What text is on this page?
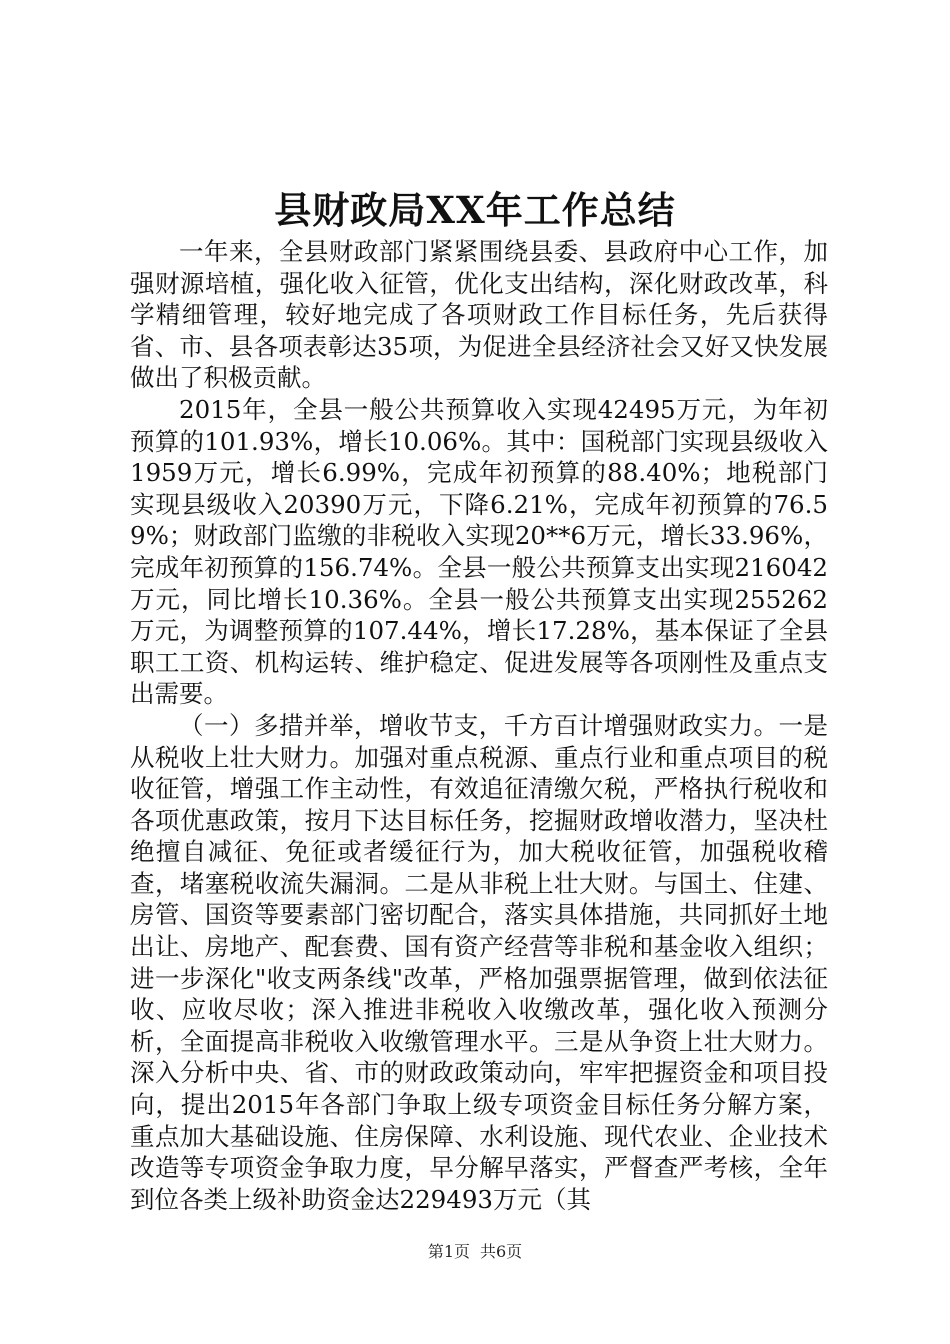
县财政局XX年工作总结

一年来，全县财政部门紧紧围绕县委、县政府中心工作，加强财源培植，强化收入征管，优化支出结构，深化财政改革，科学精细管理，较好地完成了各项财政工作目标任务，先后获得省、市、县各项表彰达35项，为促进全县经济社会又好又快发展做出了积极贡献。

2015年，全县一般公共预算收入实现42495万元，为年初预算的101.93%，增长10.06%。其中：国税部门实现县级收入1959万元，增长6.99%，完成年初预算的88.40%；地税部门实现县级收入20390万元，下降6.21%，完成年初预算的76.59%；财政部门监缴的非税收入实现20**6万元，增长33.96%，完成年初预算的156.74%。全县一般公共预算支出实现216042万元，同比增长10.36%。全县一般公共预算支出实现255262万元，为调整预算的107.44%，增长17.28%，基本保证了全县职工工资、机构运转、维护稳定、促进发展等各项刚性及重点支出需要。

（一）多措并举，增收节支，千方百计增强财政实力。一是从税收上壮大财力。加强对重点税源、重点行业和重点项目的税收征管，增强工作主动性，有效追征清缴欠税，严格执行税收和各项优惠政策，按月下达目标任务，挖掘财政增收潜力，坚决杜绝擅自减征、免征或者缓征行为，加大税收征管，加强税收稽查，堵塞税收流失漏洞。二是从非税上壮大财。与国土、住建、房管、国资等要素部门密切配合，落实具体措施，共同抓好土地出让、房地产、配套费、国有资产经营等非税和基金收入组织；进一步深化"收支两条线"改革，严格加强票据管理，做到依法征收、应收尽收；深入推进非税收入收缴改革，强化收入预测分析，全面提高非税收入收缴管理水平。三是从争资上壮大财力。深入分析中央、省、市的财政政策动向，牢牢把握资金和项目投向，提出2015年各部门争取上级专项资金目标任务分解方案，重点加大基础设施、住房保障、水利设施、现代农业、企业技术改造等专项资金争取力度，早分解早落实，严督查严考核，全年到位各类上级补助资金达229493万元（其

第1页 共6页
